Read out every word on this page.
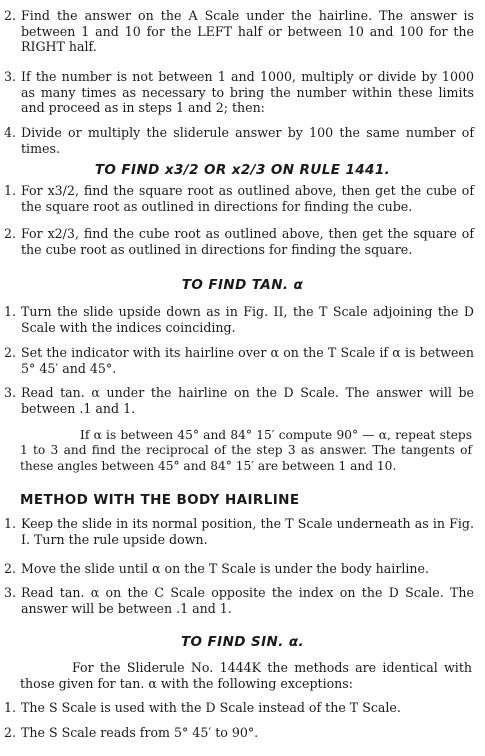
2. Find the answer on the A Scale under the hairline. The answer is between 1 and 10 for the LEFT half or between 10 and 100 for the RIGHT half.
3. If the number is not between 1 and 1000, multiply or divide by 1000 as many times as necessary to bring the number within these limits and proceed as in steps 1 and 2; then:
4. Divide or multiply the sliderule answer by 100 the same number of times.
TO FIND x3/2 OR x2/3 ON RULE 1441.
1. For x3/2, find the square root as outlined above, then get the cube of the square root as outlined in directions for finding the cube.
2. For x2/3, find the cube root as outlined above, then get the square of the cube root as outlined in directions for finding the square.
TO FIND TAN. α
1. Turn the slide upside down as in Fig. II, the T Scale adjoining the D Scale with the indices coinciding.
2. Set the indicator with its hairline over α on the T Scale if α is between 5° 45′ and 45°.
3. Read tan. α under the hairline on the D Scale. The answer will be between .1 and 1.
If α is between 45° and 84° 15′ compute 90° — α, repeat steps 1 to 3 and find the reciprocal of the step 3 as answer. The tangents of these angles between 45° and 84° 15′ are between 1 and 10.
METHOD WITH THE BODY HAIRLINE
1. Keep the slide in its normal position, the T Scale underneath as in Fig. I. Turn the rule upside down.
2. Move the slide until α on the T Scale is under the body hairline.
3. Read tan. α on the C Scale opposite the index on the D Scale. The answer will be between .1 and 1.
TO FIND SIN. α.
For the Sliderule No. 1444K the methods are identical with those given for tan. α with the following exceptions:
1. The S Scale is used with the D Scale instead of the T Scale.
2. The S Scale reads from 5° 45′ to 90°.
